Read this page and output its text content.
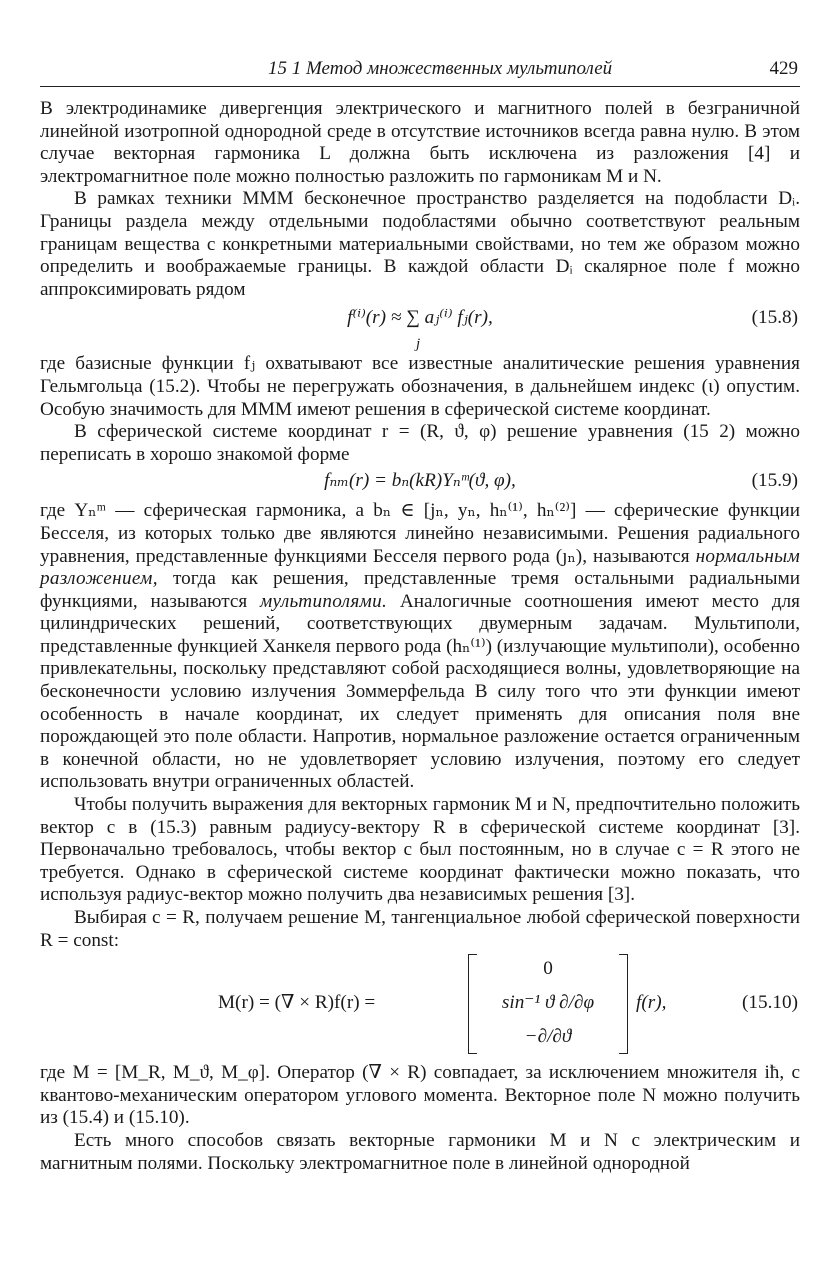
15 1 Метод множественных мультиполей	429

В электродинамике дивергенция электрического и магнитного полей в безграничной линейной изотропной однородной среде в отсутствие источников всегда равна нулю. В этом случае векторная гармоника L должна быть исключена из разложения [4] и электромагнитное поле можно полностью разложить по гармоникам M и N.

В рамках техники ММM бесконечное пространство разделяется на подобласти Dᵢ. Границы раздела между отдельными подобластями обычно соответствуют реальным границам вещества с конкретными материальными свойствами, но тем же образом можно определить и воображаемые границы. В каждой области Dᵢ скалярное поле f можно аппроксимировать рядом

f⁽ⁱ⁾(r) ≈ ∑ aⱼ⁽ⁱ⁾ fⱼ(r),
j
(15.8)

где базисные функции fⱼ охватывают все известные аналитические решения уравнения Гельмгольца (15.2). Чтобы не перегружать обозначения, в дальнейшем индекс (ι) опустим. Особую значимость для MMM имеют решения в сферической системе координат.

В сферической системе координат r = (R, ϑ, φ) решение уравнения (15 2) можно переписать в хорошо знакомой форме

fₙₘ(r) = bₙ(kR)Yₙᵐ(ϑ, φ),	(15.9)

где Yₙᵐ — сферическая гармоника, а bₙ ∈ [jₙ, yₙ, hₙ⁽¹⁾, hₙ⁽²⁾] — сферические функции Бесселя, из которых только две являются линейно независимыми. Решения радиального уравнения, представленные функциями Бесселя первого рода (ȷₙ), называются нормальным разложением, тогда как решения, представленные тремя остальными радиальными функциями, называются мультиполями. Аналогичные соотношения имеют место для цилиндрических решений, соответствующих двумерным задачам. Мультиполи, представленные функцией Ханкеля первого рода (hₙ⁽¹⁾) (излучающие мультиполи), особенно привлекательны, поскольку представляют собой расходящиеся волны, удовлетворяющие на бесконечности условию излучения Зоммерфельда В силу того что эти функции имеют особенность в начале координат, их следует применять для описания поля вне порождающей это поле области. Напротив, нормальное разложение остается ограниченным в конечной области, но не удовлетворяет условию излучения, поэтому его следует использовать внутри ограниченных областей.

Чтобы получить выражения для векторных гармоник M и N, предпочтительно положить вектор c в (15.3) равным радиусу-вектору R в сферической системе координат [3]. Первоначально требовалось, чтобы вектор c был постоянным, но в случае c = R этого не требуется. Однако в сферической системе координат фактически можно показать, что используя радиус-вектор можно получить два независимых решения [3].

Выбирая c = R, получаем решение M, тангенциальное любой сферической поверхности R = const:

M(r) = (∇ × R)f(r) =
0
sin⁻¹ ϑ ∂/∂φ
−∂/∂ϑ
f(r),	(15.10)

где M = [M_R, M_ϑ, M_φ]. Оператор (∇ × R) совпадает, за исключением множителя iħ, с квантово-механическим оператором углового момента. Векторное поле N можно получить из (15.4) и (15.10).

Есть много способов связать векторные гармоники M и N с электрическим и магнитным полями. Поскольку электромагнитное поле в линейной однородной
